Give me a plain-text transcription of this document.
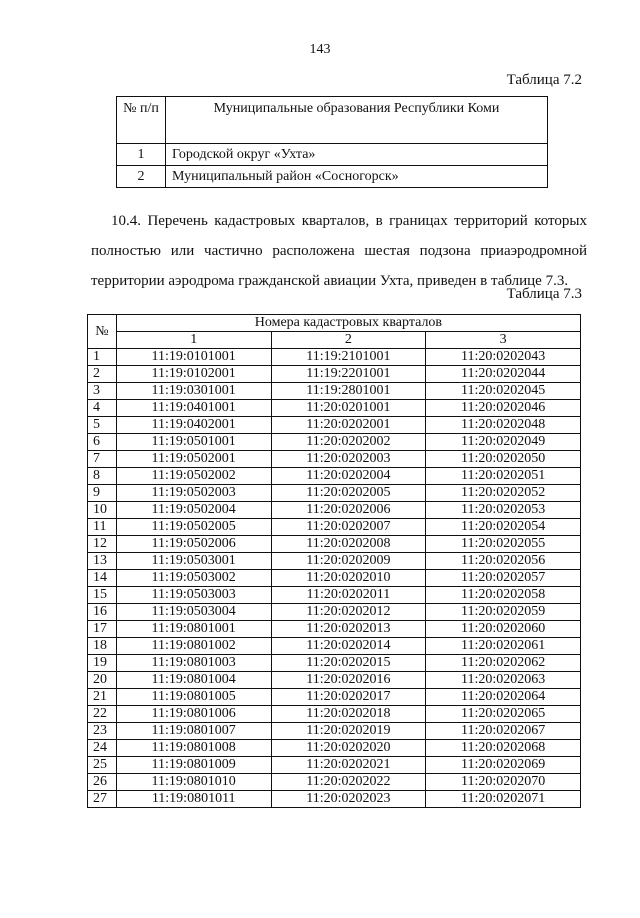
143
Таблица 7.2
№ п/п	Муниципальные образования Республики Коми
1	Городской округ «Ухта»
2	Муниципальный район «Сосногорск»

10.4. Перечень кадастровых кварталов, в границах территорий которых полностью или частично расположена шестая подзона приаэродромной территории аэродрома гражданской авиации Ухта, приведен в таблице 7.3.

Таблица 7.3
№	Номера кадастровых кварталов		
	1	2	3
1	11:19:0101001	11:19:2101001	11:20:0202043
2	11:19:0102001	11:19:2201001	11:20:0202044
3	11:19:0301001	11:19:2801001	11:20:0202045
4	11:19:0401001	11:20:0201001	11:20:0202046
5	11:19:0402001	11:20:0202001	11:20:0202048
6	11:19:0501001	11:20:0202002	11:20:0202049
7	11:19:0502001	11:20:0202003	11:20:0202050
8	11:19:0502002	11:20:0202004	11:20:0202051
9	11:19:0502003	11:20:0202005	11:20:0202052
10	11:19:0502004	11:20:0202006	11:20:0202053
11	11:19:0502005	11:20:0202007	11:20:0202054
12	11:19:0502006	11:20:0202008	11:20:0202055
13	11:19:0503001	11:20:0202009	11:20:0202056
14	11:19:0503002	11:20:0202010	11:20:0202057
15	11:19:0503003	11:20:0202011	11:20:0202058
16	11:19:0503004	11:20:0202012	11:20:0202059
17	11:19:0801001	11:20:0202013	11:20:0202060
18	11:19:0801002	11:20:0202014	11:20:0202061
19	11:19:0801003	11:20:0202015	11:20:0202062
20	11:19:0801004	11:20:0202016	11:20:0202063
21	11:19:0801005	11:20:0202017	11:20:0202064
22	11:19:0801006	11:20:0202018	11:20:0202065
23	11:19:0801007	11:20:0202019	11:20:0202067
24	11:19:0801008	11:20:0202020	11:20:0202068
25	11:19:0801009	11:20:0202021	11:20:0202069
26	11:19:0801010	11:20:0202022	11:20:0202070
27	11:19:0801011	11:20:0202023	11:20:0202071
